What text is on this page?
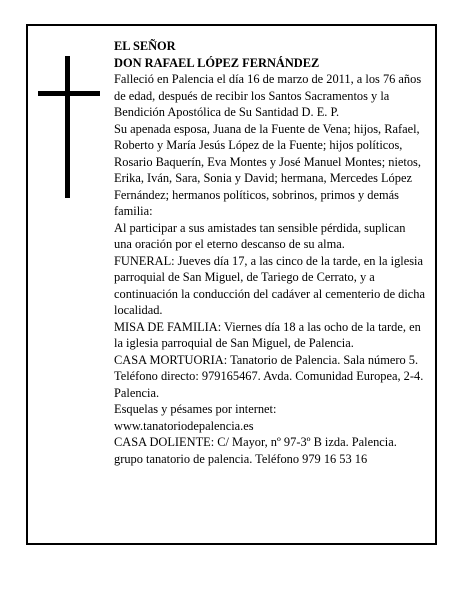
EL SEÑOR

DON RAFAEL LÓPEZ FERNÁNDEZ

Falleció en Palencia el día 16 de marzo de 2011, a los 76 años de edad, después de recibir los Santos Sacramentos y la Bendición Apostólica de Su Santidad D. E. P.

Su apenada esposa, Juana de la Fuente de Vena; hijos, Rafael, Roberto y María Jesús López de la Fuente; hijos políticos, Rosario Baquerín, Eva Montes y José Manuel Montes; nietos, Erika, Iván, Sara, Sonia y David; hermana, Mercedes López Fernández; hermanos políticos, sobrinos, primos y demás familia:

Al participar a sus amistades tan sensible pérdida, suplican una oración por el eterno descanso de su alma.

FUNERAL: Jueves día 17, a las cinco de la tarde, en la iglesia parroquial de San Miguel, de Tariego de Cerrato, y a continuación la conducción del cadáver al cementerio de dicha localidad.

MISA DE FAMILIA: Viernes día 18 a las ocho de la tarde, en la iglesia parroquial de San Miguel, de Palencia.

CASA MORTUORIA: Tanatorio de Palencia. Sala número 5. Teléfono directo: 979165467. Avda. Comunidad Europea, 2-4. Palencia.

Esquelas y pésames por internet:

www.tanatoriodepalencia.es

CASA DOLIENTE: C/ Mayor, nº 97-3º B izda. Palencia.

grupo tanatorio de palencia. Teléfono 979 16 53 16
